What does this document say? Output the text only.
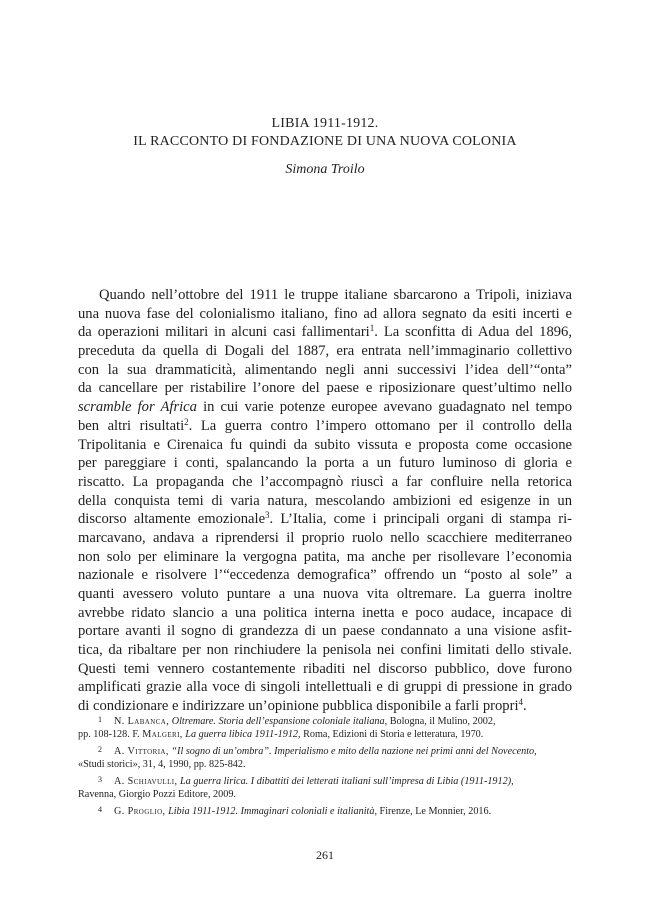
LIBIA 1911-1912.
IL RACCONTO DI FONDAZIONE DI UNA NUOVA COLONIA
Simona Troilo
Quando nell’ottobre del 1911 le truppe italiane sbarcarono a Tripoli, iniziava
una nuova fase del colonialismo italiano, fino ad allora segnato da esiti incerti e
da operazioni militari in alcuni casi fallimentari$^1$. La sconfitta di Adua del 1896,
preceduta da quella di Dogali del 1887, era entrata nell’immaginario collettivo
con la sua drammaticità, alimentando negli anni successivi l’idea dell’“onta”
da cancellare per ristabilire l’onore del paese e riposizionare quest’ultimo nello
scramble for Africa in cui varie potenze europee avevano guadagnato nel tempo
ben altri risultati$^2$. La guerra contro l’impero ottomano per il controllo della
Tripolitania e Cirenaica fu quindi da subito vissuta e proposta come occasione
per pareggiare i conti, spalancando la porta a un futuro luminoso di gloria e
riscatto. La propaganda che l’accompagnò riuscì a far confluire nella retorica
della conquista temi di varia natura, mescolando ambizioni ed esigenze in un
discorso altamente emozionale$^3$. L’Italia, come i principali organi di stampa ri-
marcavano, andava a riprendersi il proprio ruolo nello scacchiere mediterraneo
non solo per eliminare la vergogna patita, ma anche per risollevare l’economia
nazionale e risolvere l’“eccedenza demografica” offrendo un “posto al sole” a
quanti avessero voluto puntare a una nuova vita oltremare. La guerra inoltre
avrebbe ridato slancio a una politica interna inetta e poco audace, incapace di
portare avanti il sogno di grandezza di un paese condannato a una visione asfit-
tica, da ribaltare per non rinchiudere la penisola nei confini limitati dello stivale.
Questi temi vennero costantemente ribaditi nel discorso pubblico, dove furono
amplificati grazie alla voce di singoli intellettuali e di gruppi di pressione in grado
di condizionare e indirizzare un’opinione pubblica disponibile a farli propri$^4$.
1 N. Labanca, Oltremare. Storia dell’espansione coloniale italiana, Bologna, il Mulino, 2002,
pp. 108-128. F. Malgeri, La guerra libica 1911-1912, Roma, Edizioni di Storia e letteratura, 1970.
2 A. Vittoria, “Il sogno di un’ombra”. Imperialismo e mito della nazione nei primi anni del Novecento,
«Studi storici», 31, 4, 1990, pp. 825-842.
3 A. Schiavulli, La guerra lirica. I dibattiti dei letterati italiani sull’impresa di Libia (1911-1912),
Ravenna, Giorgio Pozzi Editore, 2009.
4 G. Proglio, Libia 1911-1912. Immaginari coloniali e italianità, Firenze, Le Monnier, 2016.
261
